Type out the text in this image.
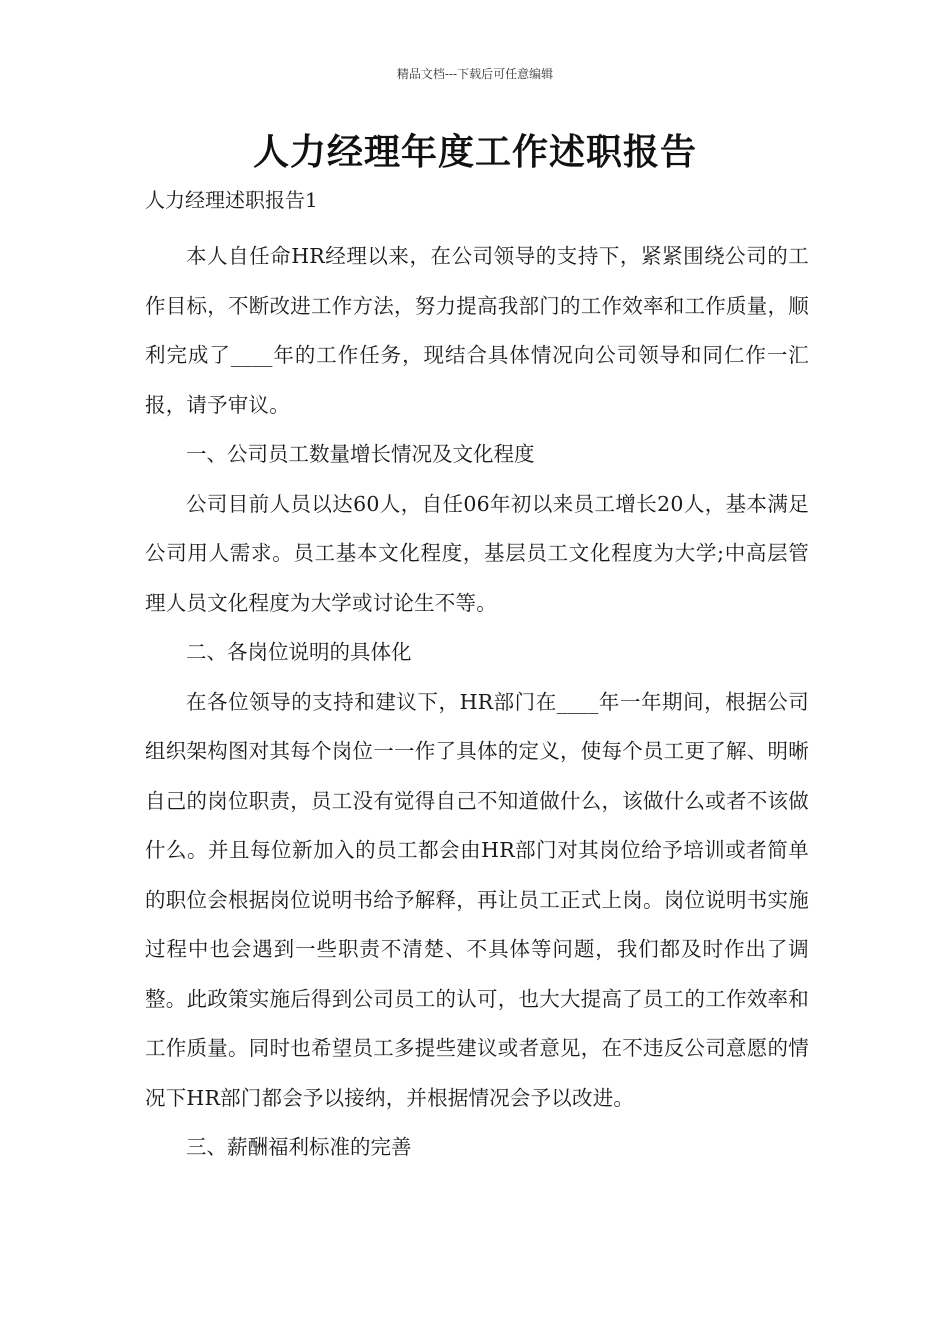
精品文档---下载后可任意编辑
人力经理年度工作述职报告

人力经理述职报告1

本人自任命HR经理以来，在公司领导的支持下，紧紧围绕公司的工作目标，不断改进工作方法，努力提高我部门的工作效率和工作质量，顺利完成了____年的工作任务，现结合具体情况向公司领导和同仁作一汇报，请予审议。

一、公司员工数量增长情况及文化程度

公司目前人员以达60人，自任06年初以来员工增长20人，基本满足公司用人需求。员工基本文化程度，基层员工文化程度为大学;中高层管理人员文化程度为大学或讨论生不等。

二、各岗位说明的具体化

在各位领导的支持和建议下，HR部门在____年一年期间，根据公司组织架构图对其每个岗位一一作了具体的定义，使每个员工更了解、明晰自己的岗位职责，员工没有觉得自己不知道做什么，该做什么或者不该做什么。并且每位新加入的员工都会由HR部门对其岗位给予培训或者简单的职位会根据岗位说明书给予解释，再让员工正式上岗。岗位说明书实施过程中也会遇到一些职责不清楚、不具体等问题，我们都及时作出了调整。此政策实施后得到公司员工的认可，也大大提高了员工的工作效率和工作质量。同时也希望员工多提些建议或者意见，在不违反公司意愿的情况下HR部门都会予以接纳，并根据情况会予以改进。

三、薪酬福利标准的完善
